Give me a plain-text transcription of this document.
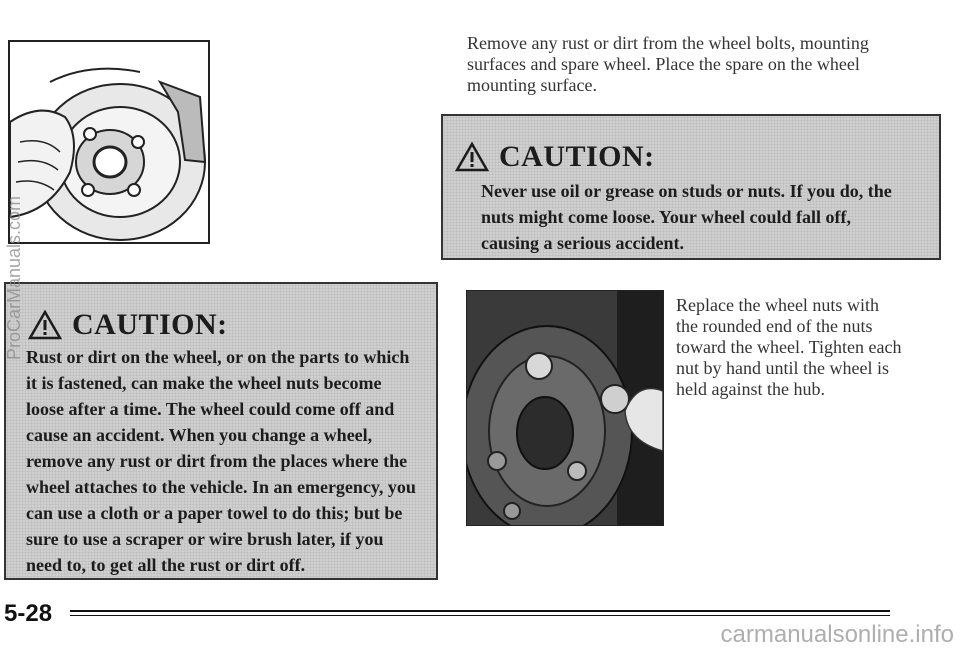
Remove any rust or dirt from the wheel bolts, mounting surfaces and spare wheel. Place the spare on the wheel mounting surface.
CAUTION:
Never use oil or grease on studs or nuts. If you do, the nuts might come loose. Your wheel could fall off, causing a serious accident.
CAUTION:
Rust or dirt on the wheel, or on the parts to which it is fastened, can make the wheel nuts become loose after a time. The wheel could come off and cause an accident. When you change a wheel, remove any rust or dirt from the places where the wheel attaches to the vehicle. In an emergency, you can use a cloth or a paper towel to do this; but be sure to use a scraper or wire brush later, if you need to, to get all the rust or dirt off.
Replace the wheel nuts with the rounded end of the nuts toward the wheel. Tighten each nut by hand until the wheel is held against the hub.
5-28
ProCarManuals.com
carmanualsonline.info
